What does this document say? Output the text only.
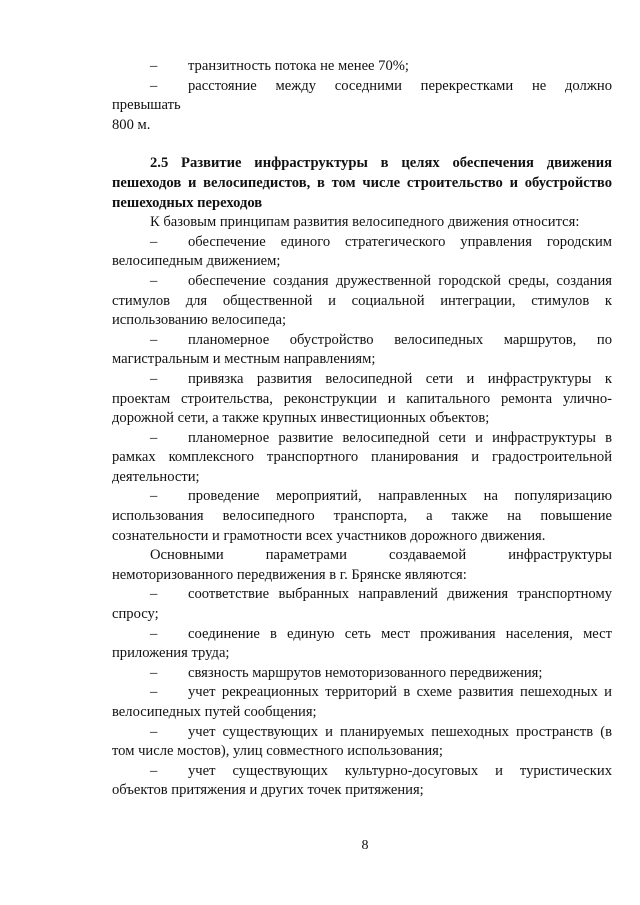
–	транзитность потока не менее 70%;
–	расстояние между соседними перекрестками не должно
превышать
800 м.
2.5 Развитие инфраструктуры в целях обеспечения движения
пешеходов и велосипедистов, в том числе строительство и обустройство
пешеходных переходов
К базовым принципам развития велосипедного движения относится:
–	обеспечение единого стратегического управления городским
велосипедным движением;
–	обеспечение создания дружественной городской среды, создания
стимулов для общественной и социальной интеграции, стимулов к
использованию велосипеда;
–	планомерное обустройство велосипедных маршрутов, по
магистральным и местным направлениям;
–	привязка развития велосипедной сети и инфраструктуры к
проектам строительства, реконструкции и капитального ремонта улично-
дорожной сети, а также крупных инвестиционных объектов;
–	планомерное развитие велосипедной сети и инфраструктуры в
рамках комплексного транспортного планирования и градостроительной
деятельности;
–	проведение мероприятий, направленных на популяризацию
использования велосипедного транспорта, а также на повышение
сознательности и грамотности всех участников дорожного движения.
Основными параметрами создаваемой инфраструктуры
немоторизованного передвижения в г. Брянске являются:
–	соответствие выбранных направлений движения транспортному
спросу;
–	соединение в единую сеть мест проживания населения, мест
приложения труда;
–	связность маршрутов немоторизованного передвижения;
–	учет рекреационных территорий в схеме развития пешеходных и
велосипедных путей сообщения;
–	учет существующих и планируемых пешеходных пространств (в
том числе мостов), улиц совместного использования;
–	учет существующих культурно-досуговых и туристических
объектов притяжения и других точек притяжения;
8
